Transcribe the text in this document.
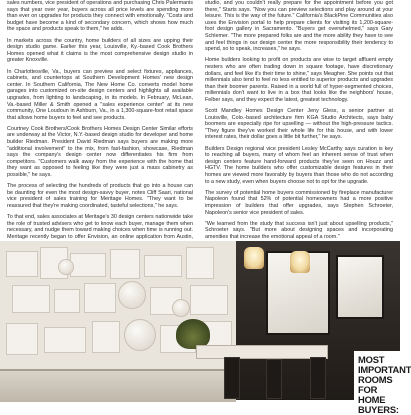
sales numbers, vice president of operations and purchasing Chris Palermanis says that year over year, buyers across all price levels are spending more than ever on upgrades for products they connect with emotionally. "Costs and budget have become a kind of secondary concern, which shows how much the space and products speak to them," he adds.

In markets across the country, home builders of all sizes are upping their design studio game. Earlier this year, Louisville, Ky.-based Cook Brothers Homes opened what it claims is the most comprehensive design studio in greater Knoxville.

In Charlottesville, Va., buyers can preview and select fixtures, appliances, cabinets, and countertops at Southern Development Homes' new design center. In Southern California, The New Home Co. converts model home garages into customized on-site design centers and highlights all available upgrades, from lighting to landscaping, in its models. In February, McLean, Va.-based Miller & Smith opened a "sales experience center" at its new community, One Loudoun in Ashburn, Va., in a 1,300-square-foot retail space that allows home buyers to feel and see products.

Courtney Cook Brothers/Cook Brothers Homes Design Center Similar efforts are underway at the Victor, N.Y.-based design studio for developer and home builder Riedman. President David Riedman says buyers are making more "additional involvement" to the mix, from fast-fashion, showcase, Riedman says the company's design center now differentiates his firm from competitors. "Customers walk away from the experience with the home that they want as opposed to feeling like they were just a mass cabinetry as possible," he says.

The process of selecting the hundreds of products that go into a house can be daunting for even the most design-savvy buyer, notes Cliff Saari, national vice president of sales training for Meritage Homes. "They want to be reassured that they're making coordinated, tasteful selections," he says.

To that end, sales associates at Meritage's 30 design centers nationwide take the role of trusted advisers who get to know each buyer, manage them when necessary, and nudge them toward making choices when time is running out. Meritage recently began to offer Envision, an online application from Austin,

studio, and you couldn't really prepare for the appointment before you got there," Starts says. "Now you can preview selections and play around at your leisure. This is the way of the future." California's BlackPine Communities also uses the Envision portal to help prepare clients for visiting its 1,200-square-foot design gallery in Sacramento. "Buyers get overwhelmed," says Gary Schlemer. "The more prepared folks are and the more ability they have to see and feel things in our design center the more responsibility their tendency to spend, so to speak, increases," he says.

Home builders looking to profit on products are wise to target affluent empty nesters who are often trading down in square footage, have discretionary dollars, and feel like it's their time to shine," says Meagher. She points out that millennials also tend to feel no less entitled to superior products and upgrades than their boomer parents. Raised in a world full of hyper-segmented choices, millennials don't want to live in a box that looks like the neighbors' house, Felber says, and they expect the latest, greatest technology.

Scott Mandley Homes Design Center Jeny Gless, a senior partner at Louisville, Colo.-based architecture firm KGA Studio Architects, says baby boomers are especially ripe for upselling — without the high-pressure tactics. "They figure they've worked their whole life for this house, and with lower interest rates, their dollar goes a little bit further," he says.

Builders Design regional vice president Lesley McCarthy says curation is key to reaching all buyers, many of whom feel an inherent sense of trust when design centers feature hand-forward products they've seen on Houzz and HGTV. The home builders who offer customizable design features in their homes are viewed more favorably by buyers than those who do not according to a new study, even when buyers choose not to opt for the upgrade.

The survey of potential home buyers commissioned by fireplace manufacturer Napoleon found that 52% of potential homeowners had a more positive impression of builders that offer upgrades, says Stephen Schroeter, Napoleon's senior vice president of sales.

"We learned from the study that success isn't just about upselling products," Schroeter says. "But more about designing spaces and incorporating amenities that increase the emotional appeal of a room."

MOST
IMPORTANT
ROOMS
FOR
HOME
BUYERS:
